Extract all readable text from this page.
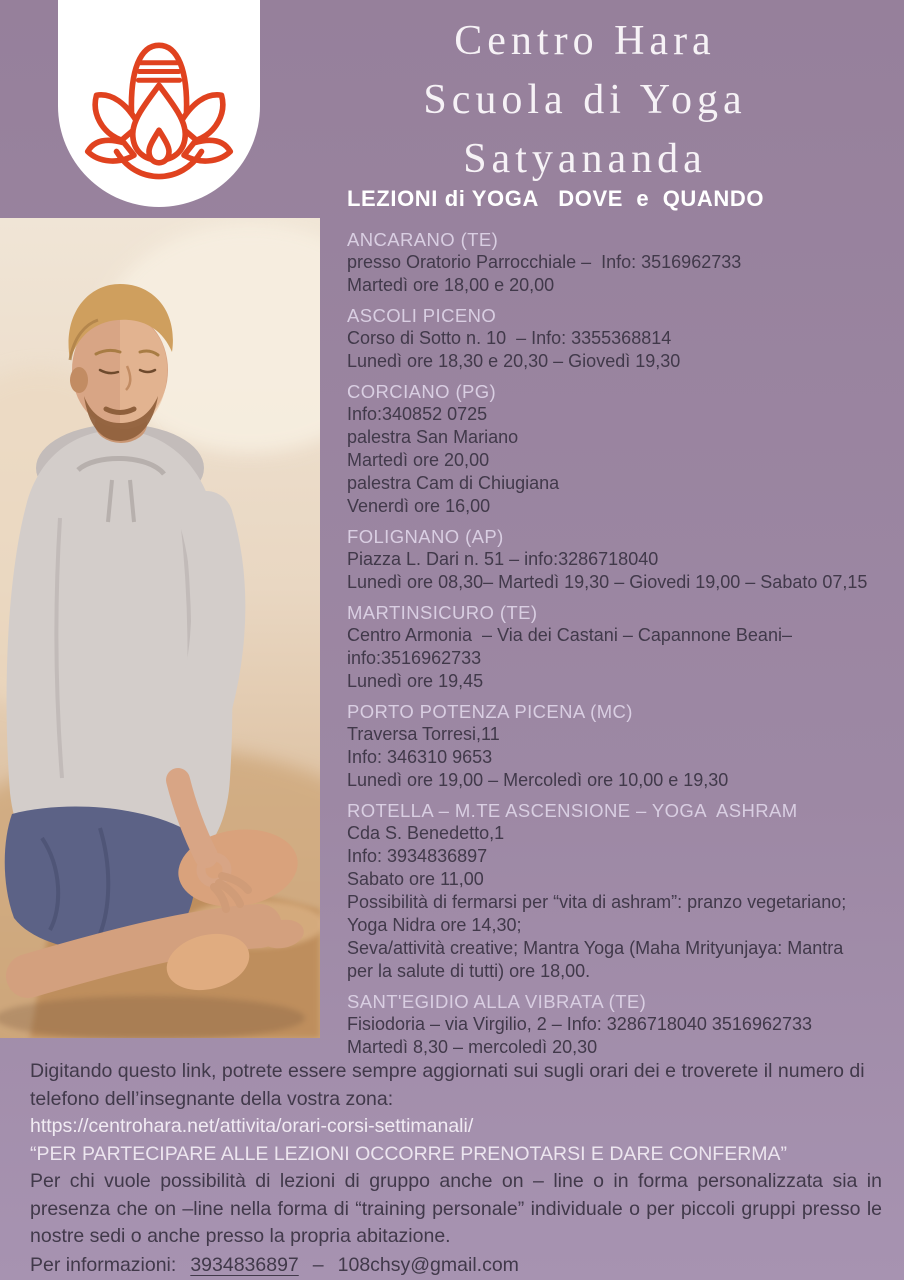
Centro Hara
Scuola di Yoga
Satyananda
LEZIONI di YOGA   DOVE  e  QUANDO
ANCARANO (TE)
presso Oratorio Parrocchiale –  Info: 3516962733
Martedì ore 18,00 e 20,00
ASCOLI PICENO
Corso di Sotto n. 10  – Info: 3355368814
Lunedì ore 18,30 e 20,30 – Giovedì 19,30
CORCIANO (PG)
Info:340852 0725
palestra San Mariano
Martedì ore 20,00
palestra Cam di Chiugiana
Venerdì ore 16,00
FOLIGNANO (AP)
Piazza L. Dari n. 51 – info:3286718040
Lunedì ore 08,30– Martedì 19,30 – Giovedi 19,00 – Sabato 07,15
MARTINSICURO (TE)
Centro Armonia  – Via dei Castani – Capannone Beani–
info:3516962733
Lunedì ore 19,45
PORTO POTENZA PICENA (MC)
Traversa Torresi,11
Info: 346310 9653
Lunedì ore 19,00 – Mercoledì ore 10,00 e 19,30
ROTELLA – M.TE ASCENSIONE – YOGA  ASHRAM
Cda S. Benedetto,1
Info: 3934836897
Sabato ore 11,00
Possibilità di fermarsi per “vita di ashram”: pranzo vegetariano;
Yoga Nidra ore 14,30;
Seva/attività creative; Mantra Yoga (Maha Mrityunjaya: Mantra
per la salute di tutti) ore 18,00.
SANT'EGIDIO ALLA VIBRATA (TE)
Fisiodoria – via Virgilio, 2 – Info: 3286718040 3516962733
Martedì 8,30 – mercoledì 20,30
Digitando questo link, potrete essere sempre aggiornati sui sugli orari dei e troverete il numero di telefono dell’insegnante della vostra zona:
https://centrohara.net/attivita/orari-corsi-settimanali/
“PER PARTECIPARE ALLE LEZIONI OCCORRE PRENOTARSI E DARE CONFERMA”
Per chi vuole possibilità di lezioni di gruppo anche on – line o in forma personalizzata sia in presenza che on –line nella forma di “training personale” individuale o per piccoli gruppi presso le nostre sedi o anche presso la propria abitazione.
Per informazioni: 3934836897 – 108chsy@gmail.com
